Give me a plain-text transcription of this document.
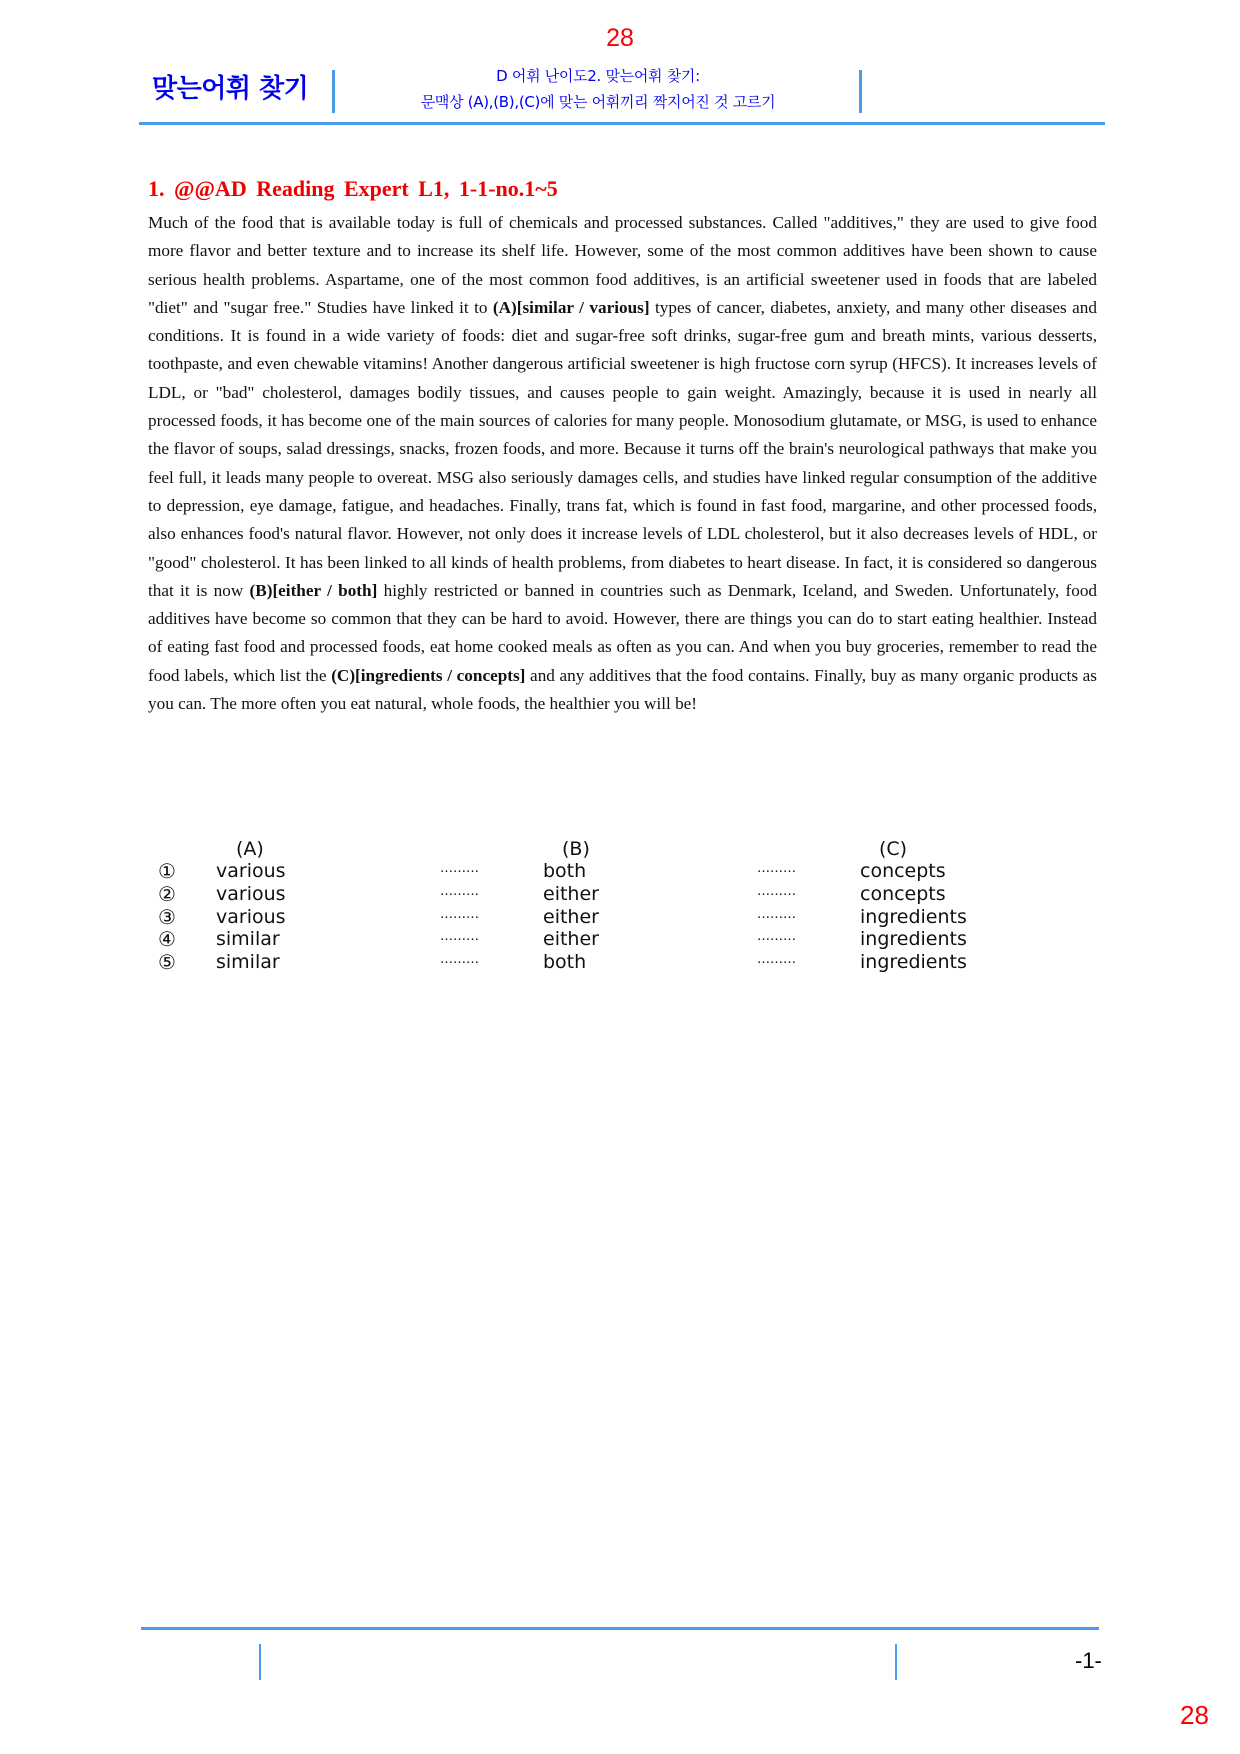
28
맞는어휘 찾기	D 어휘 난이도2. 맞는어휘 찾기:
문맥상 (A),(B),(C)에 맞는 어휘끼리 짝지어진 것 고르기
1. @@AD Reading Expert L1, 1-1-no.1~5
Much of the food that is available today is full of chemicals and processed substances. Called "additives," they are used to give food more flavor and better texture and to increase its shelf life. However, some of the most common additives have been shown to cause serious health problems. Aspartame, one of the most common food additives, is an artificial sweetener used in foods that are labeled "diet" and "sugar free." Studies have linked it to (A)[similar / various] types of cancer, diabetes, anxiety, and many other diseases and conditions. It is found in a wide variety of foods: diet and sugar-free soft drinks, sugar-free gum and breath mints, various desserts, toothpaste, and even chewable vitamins! Another dangerous artificial sweetener is high fructose corn syrup (HFCS). It increases levels of LDL, or "bad" cholesterol, damages bodily tissues, and causes people to gain weight. Amazingly, because it is used in nearly all processed foods, it has become one of the main sources of calories for many people. Monosodium glutamate, or MSG, is used to enhance the flavor of soups, salad dressings, snacks, frozen foods, and more. Because it turns off the brain's neurological pathways that make you feel full, it leads many people to overeat. MSG also seriously damages cells, and studies have linked regular consumption of the additive to depression, eye damage, fatigue, and headaches. Finally, trans fat, which is found in fast food, margarine, and other processed foods, also enhances food's natural flavor. However, not only does it increase levels of LDL cholesterol, but it also decreases levels of HDL, or "good" cholesterol. It has been linked to all kinds of health problems, from diabetes to heart disease. In fact, it is considered so dangerous that it is now (B)[either / both] highly restricted or banned in countries such as Denmark, Iceland, and Sweden. Unfortunately, food additives have become so common that they can be hard to avoid. However, there are things you can do to start eating healthier. Instead of eating fast food and processed foods, eat home cooked meals as often as you can. And when you buy groceries, remember to read the food labels, which list the (C)[ingredients / concepts] and any additives that the food contains. Finally, buy as many organic products as you can. The more often you eat natural, whole foods, the healthier you will be!
(A)	(B)	(C)
① various	………	both	………	concepts
② various	………	either	………	concepts
③ various	………	either	………	ingredients
④ similar	………	either	………	ingredients
⑤ similar	………	both	………	ingredients
-1-
28
